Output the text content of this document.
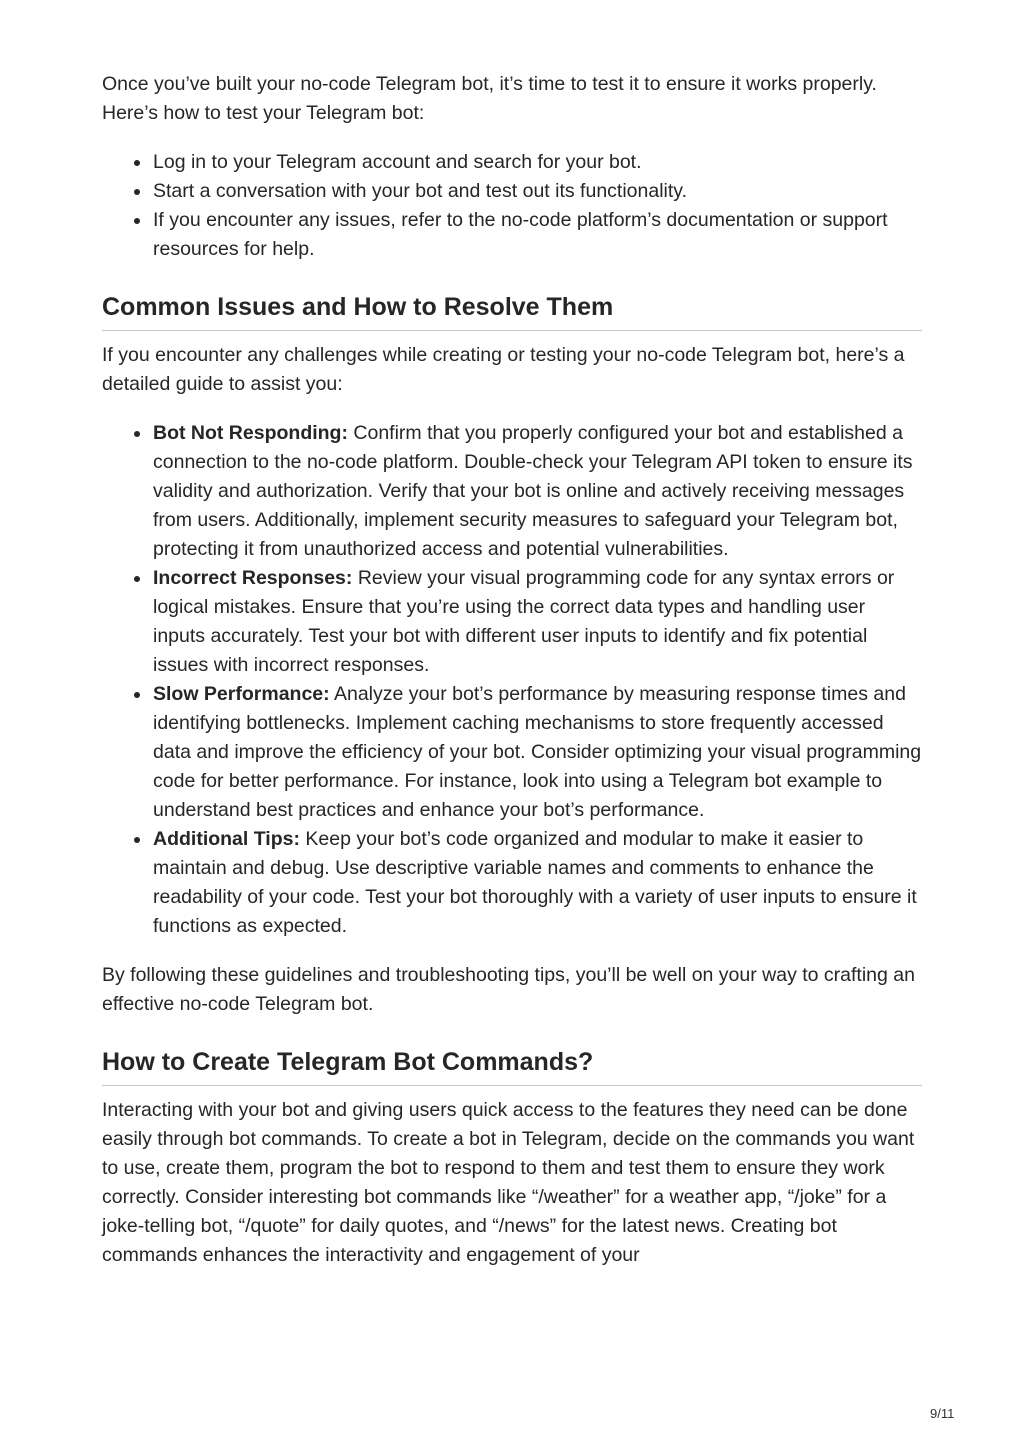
Once you’ve built your no-code Telegram bot, it’s time to test it to ensure it works properly. Here’s how to test your Telegram bot:

Log in to your Telegram account and search for your bot.
Start a conversation with your bot and test out its functionality.
If you encounter any issues, refer to the no-code platform’s documentation or support resources for help.
Common Issues and How to Resolve Them

If you encounter any challenges while creating or testing your no-code Telegram bot, here’s a detailed guide to assist you:

Bot Not Responding: Confirm that you properly configured your bot and established a connection to the no-code platform. Double-check your Telegram API token to ensure its validity and authorization. Verify that your bot is online and actively receiving messages from users. Additionally, implement security measures to safeguard your Telegram bot, protecting it from unauthorized access and potential vulnerabilities.
Incorrect Responses: Review your visual programming code for any syntax errors or logical mistakes. Ensure that you’re using the correct data types and handling user inputs accurately. Test your bot with different user inputs to identify and fix potential issues with incorrect responses.
Slow Performance: Analyze your bot’s performance by measuring response times and identifying bottlenecks. Implement caching mechanisms to store frequently accessed data and improve the efficiency of your bot. Consider optimizing your visual programming code for better performance. For instance, look into using a Telegram bot example to understand best practices and enhance your bot’s performance.
Additional Tips: Keep your bot’s code organized and modular to make it easier to maintain and debug. Use descriptive variable names and comments to enhance the readability of your code. Test your bot thoroughly with a variety of user inputs to ensure it functions as expected.

By following these guidelines and troubleshooting tips, you’ll be well on your way to crafting an effective no-code Telegram bot.

How to Create Telegram Bot Commands?

Interacting with your bot and giving users quick access to the features they need can be done easily through bot commands. To create a bot in Telegram, decide on the commands you want to use, create them, program the bot to respond to them and test them to ensure they work correctly. Consider interesting bot commands like “/weather” for a weather app, “/joke” for a joke-telling bot, “/quote” for daily quotes, and “/news” for the latest news. Creating bot commands enhances the interactivity and engagement of your

9/11
